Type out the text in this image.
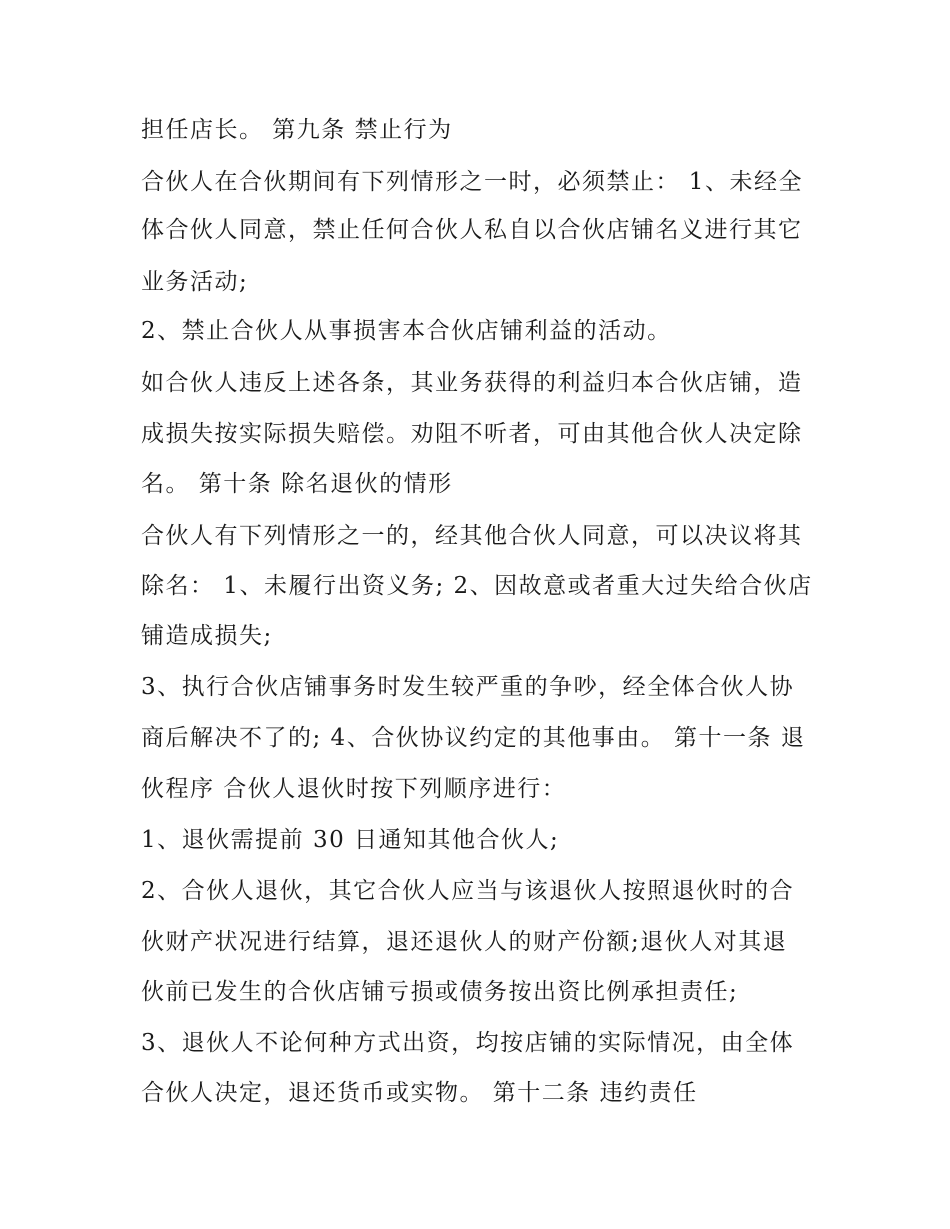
担任店长。 第九条 禁止行为
合伙人在合伙期间有下列情形之一时，必须禁止： 1、未经全
体合伙人同意，禁止任何合伙人私自以合伙店铺名义进行其它
业务活动;
2、禁止合伙人从事损害本合伙店铺利益的活动。
如合伙人违反上述各条，其业务获得的利益归本合伙店铺，造
成损失按实际损失赔偿。劝阻不听者，可由其他合伙人决定除
名。 第十条 除名退伙的情形
合伙人有下列情形之一的，经其他合伙人同意，可以决议将其
除名： 1、未履行出资义务; 2、因故意或者重大过失给合伙店
铺造成损失;
3、执行合伙店铺事务时发生较严重的争吵，经全体合伙人协
商后解决不了的; 4、合伙协议约定的其他事由。 第十一条 退
伙程序 合伙人退伙时按下列顺序进行：
1、退伙需提前 30 日通知其他合伙人;
2、合伙人退伙，其它合伙人应当与该退伙人按照退伙时的合
伙财产状况进行结算，退还退伙人的财产份额;退伙人对其退
伙前已发生的合伙店铺亏损或债务按出资比例承担责任;
3、退伙人不论何种方式出资，均按店铺的实际情况，由全体
合伙人决定，退还货币或实物。 第十二条 违约责任
